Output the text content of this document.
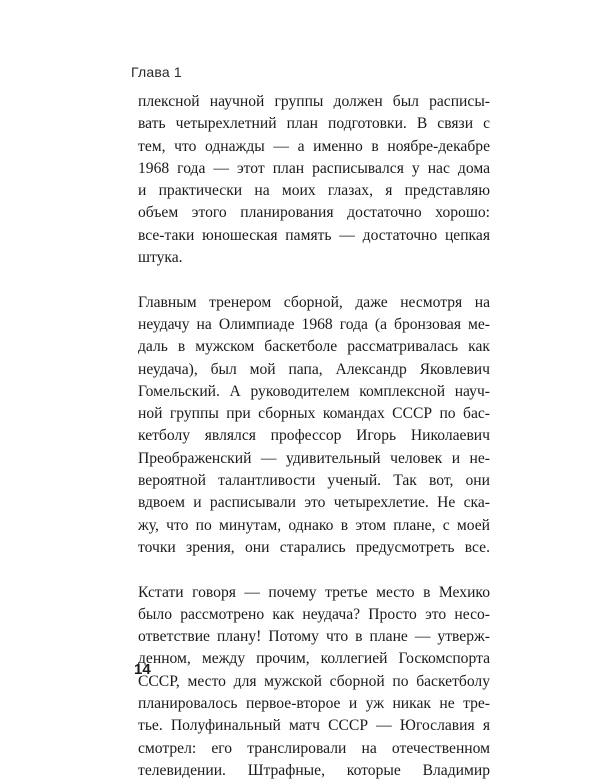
Глава 1
плексной научной группы должен был расписы-
вать четырехлетний план подготовки. В связи с
тем, что однажды — а именно в ноябре-декабре
1968 года — этот план расписывался у нас дома
и практически на моих глазах, я представляю
объем этого планирования достаточно хорошо:
все-таки юношеская память — достаточно цепкая
штука.
Главным тренером сборной, даже несмотря на
неудачу на Олимпиаде 1968 года (а бронзовая ме-
даль в мужском баскетболе рассматривалась как
неудача), был мой папа, Александр Яковлевич
Гомельский. А руководителем комплексной науч-
ной группы при сборных командах СССР по бас-
кетболу являлся профессор Игорь Николаевич
Преображенский — удивительный человек и не-
вероятной талантливости ученый. Так вот, они
вдвоем и расписывали это четырехлетие. Не ска-
жу, что по минутам, однако в этом плане, с моей
точки зрения, они старались предусмотреть все.
Кстати говоря — почему третье место в Мехико
было рассмотрено как неудача? Просто это несо-
ответствие плану! Потому что в плане — утверж-
денном, между прочим, коллегией Госкомспорта
СССР, место для мужской сборной по баскетболу
планировалось первое-второе и уж никак не тре-
тье. Полуфинальный матч СССР — Югославия я
смотрел: его транслировали на отечественном
телевидении. Штрафные, которые Владимир
14
